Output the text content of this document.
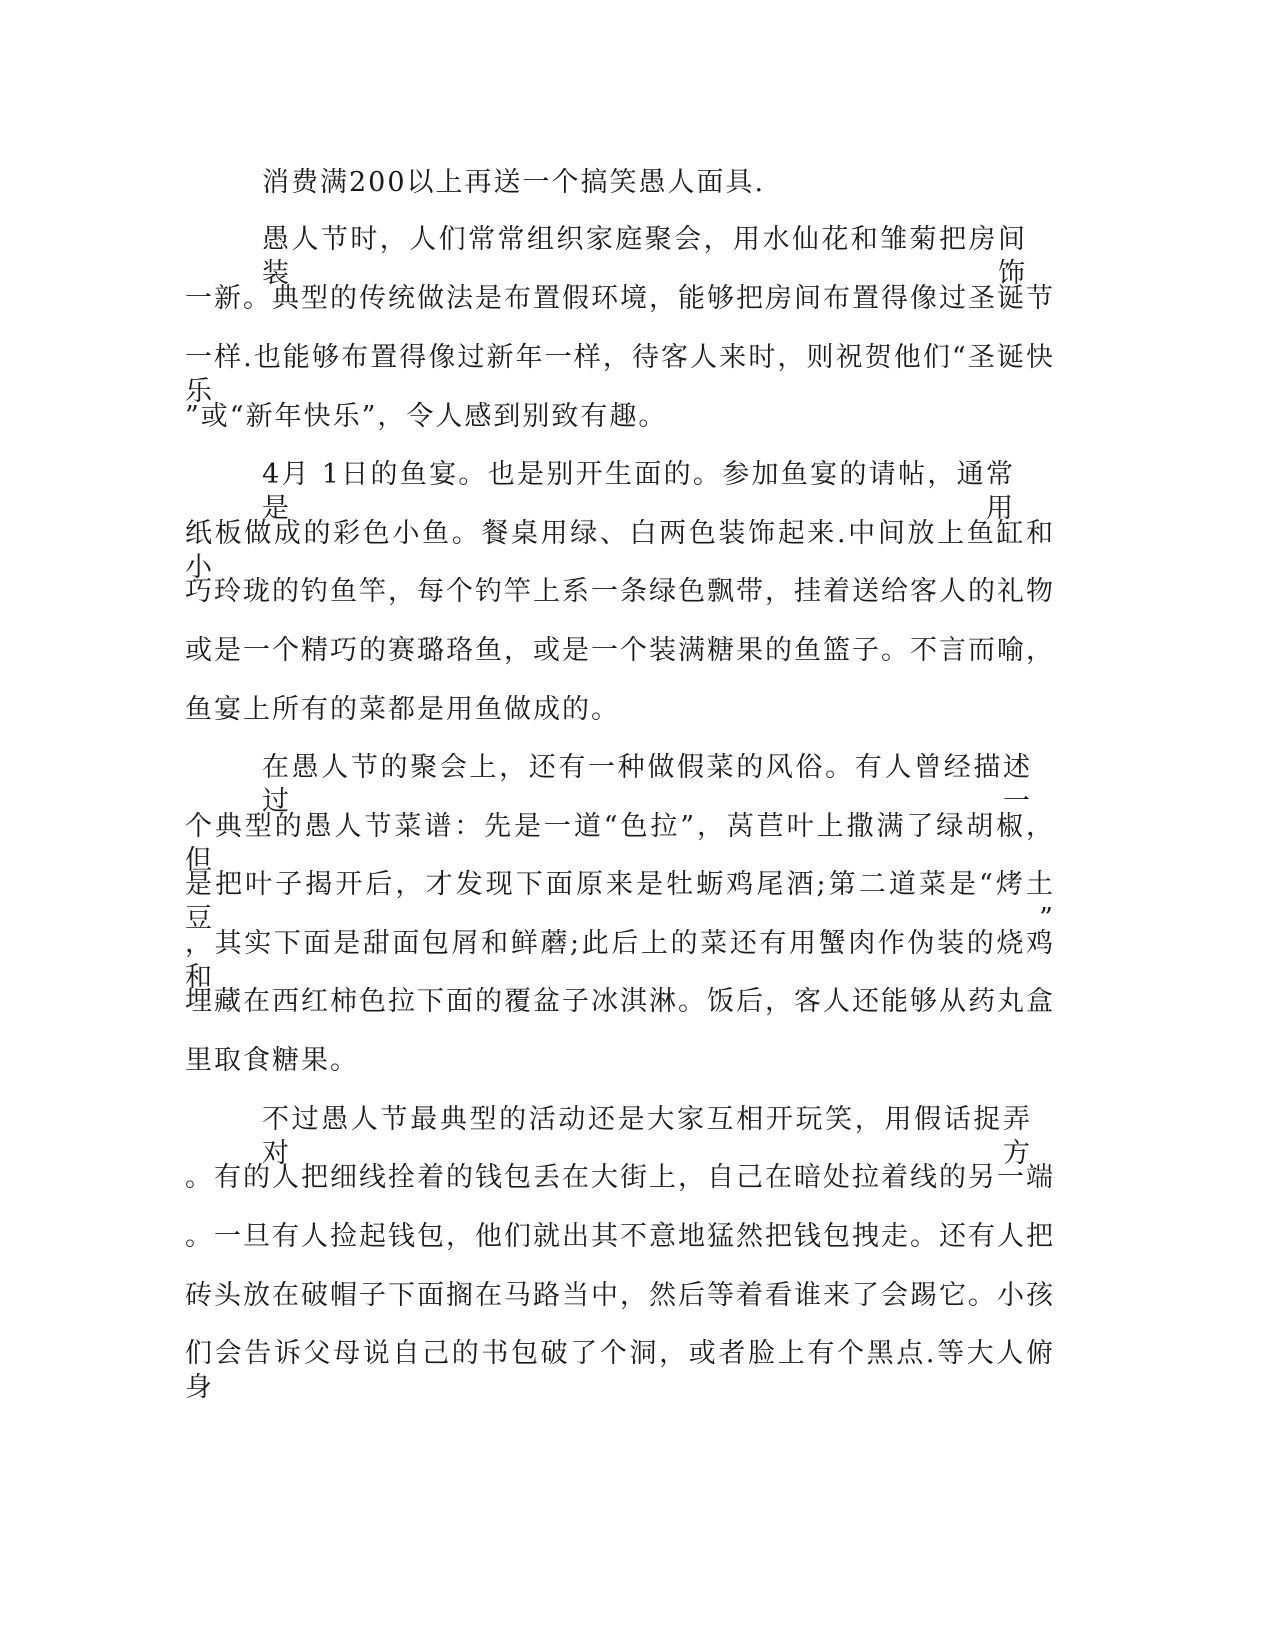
消费满200以上再送一个搞笑愚人面具.
愚人节时，人们常常组织家庭聚会，用水仙花和雏菊把房间装饰
一新。典型的传统做法是布置假环境，能够把房间布置得像过圣诞节
一样.也能够布置得像过新年一样，待客人来时，则祝贺他们“圣诞快乐
”或“新年快乐”，令人感到别致有趣。
4月 1日的鱼宴。也是别开生面的。参加鱼宴的请帖，通常是用
纸板做成的彩色小鱼。餐桌用绿、白两色装饰起来.中间放上鱼缸和小
巧玲珑的钓鱼竿，每个钓竿上系一条绿色飘带，挂着送给客人的礼物
或是一个精巧的赛璐珞鱼，或是一个装满糖果的鱼篮子。不言而喻，
鱼宴上所有的菜都是用鱼做成的。
在愚人节的聚会上，还有一种做假菜的风俗。有人曾经描述过一
个典型的愚人节菜谱：先是一道“色拉”，莴苣叶上撒满了绿胡椒，但
是把叶子揭开后，才发现下面原来是牡蛎鸡尾酒;第二道菜是“烤土豆”
，其实下面是甜面包屑和鲜蘑;此后上的菜还有用蟹肉作伪装的烧鸡和
埋藏在西红柿色拉下面的覆盆子冰淇淋。饭后，客人还能够从药丸盒
里取食糖果。
不过愚人节最典型的活动还是大家互相开玩笑，用假话捉弄对方
。有的人把细线拴着的钱包丢在大街上，自己在暗处拉着线的另一端
。一旦有人捡起钱包，他们就出其不意地猛然把钱包拽走。还有人把
砖头放在破帽子下面搁在马路当中，然后等着看谁来了会踢它。小孩
们会告诉父母说自己的书包破了个洞，或者脸上有个黑点.等大人俯身
